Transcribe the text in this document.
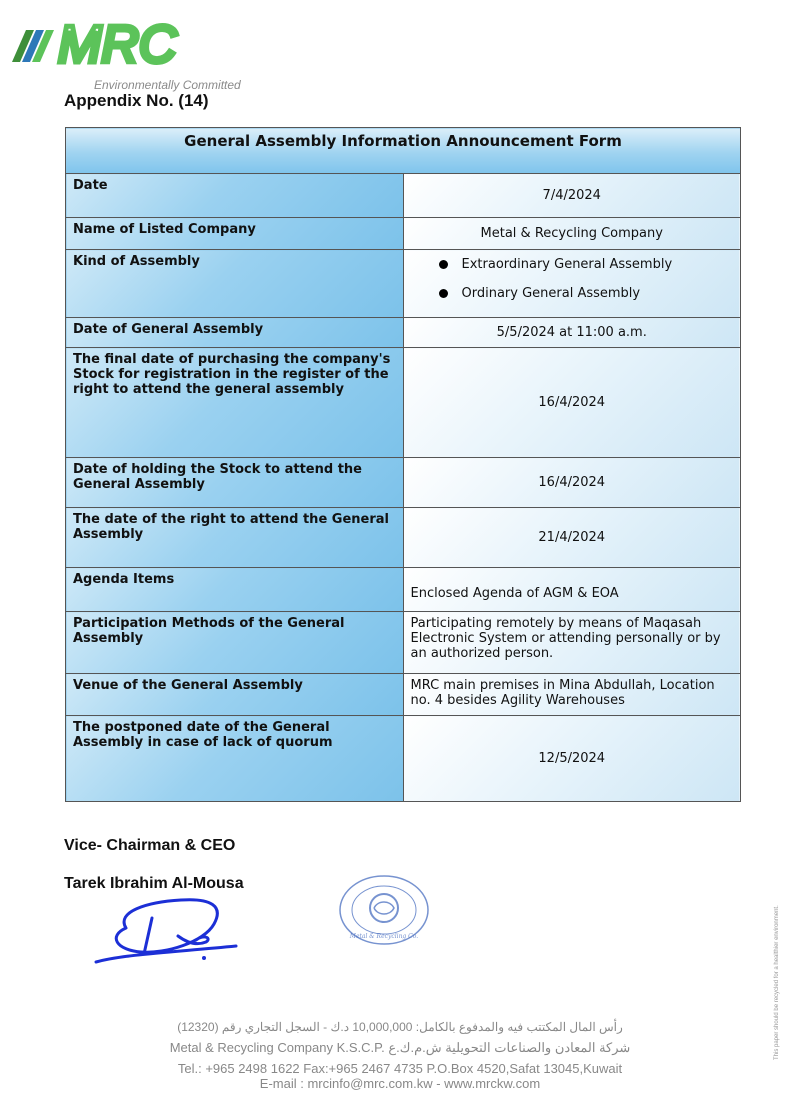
MRC
Environmentally Committed
Appendix No. (14)
General Assembly Information Announcement Form	
Date	7/4/2024
Name of Listed Company	Metal & Recycling Company
Kind of Assembly	Extraordinary General Assembly
Ordinary General Assembly

Date of General Assembly	5/5/2024 at 11:00 a.m.
The final date of purchasing the company's Stock for registration in the register of the right to attend the general assembly	16/4/2024
Date of holding the Stock to attend the General Assembly	16/4/2024
The date of the right to attend the General Assembly	21/4/2024
Agenda Items	Enclosed Agenda of AGM & EOA
Participation Methods of the General Assembly	Participating remotely by means of Maqasah Electronic System or attending personally or by an authorized person.
Venue of the General Assembly	MRC main premises in Mina Abdullah, Location no. 4 besides Agility Warehouses
The postponed date of the General Assembly in case of lack of quorum	12/5/2024
Vice- Chairman & CEO
Tarek Ibrahim Al-Mousa
Metal & Recycling Co.
رأس المال المكتتب فيه والمدفوع بالكامل: 10,000,000 د.ك - السجل التجاري رقم (12320)
Metal & Recycling Company K.S.C.P. شركة المعادن والصناعات التحويلية ش.م.ك.ع
Tel.: +965 2498 1622 Fax:+965 2467 4735 P.O.Box 4520,Safat 13045,Kuwait
E-mail : mrcinfo@mrc.com.kw - www.mrckw.com
This paper should be recycled for a healthier environment.
